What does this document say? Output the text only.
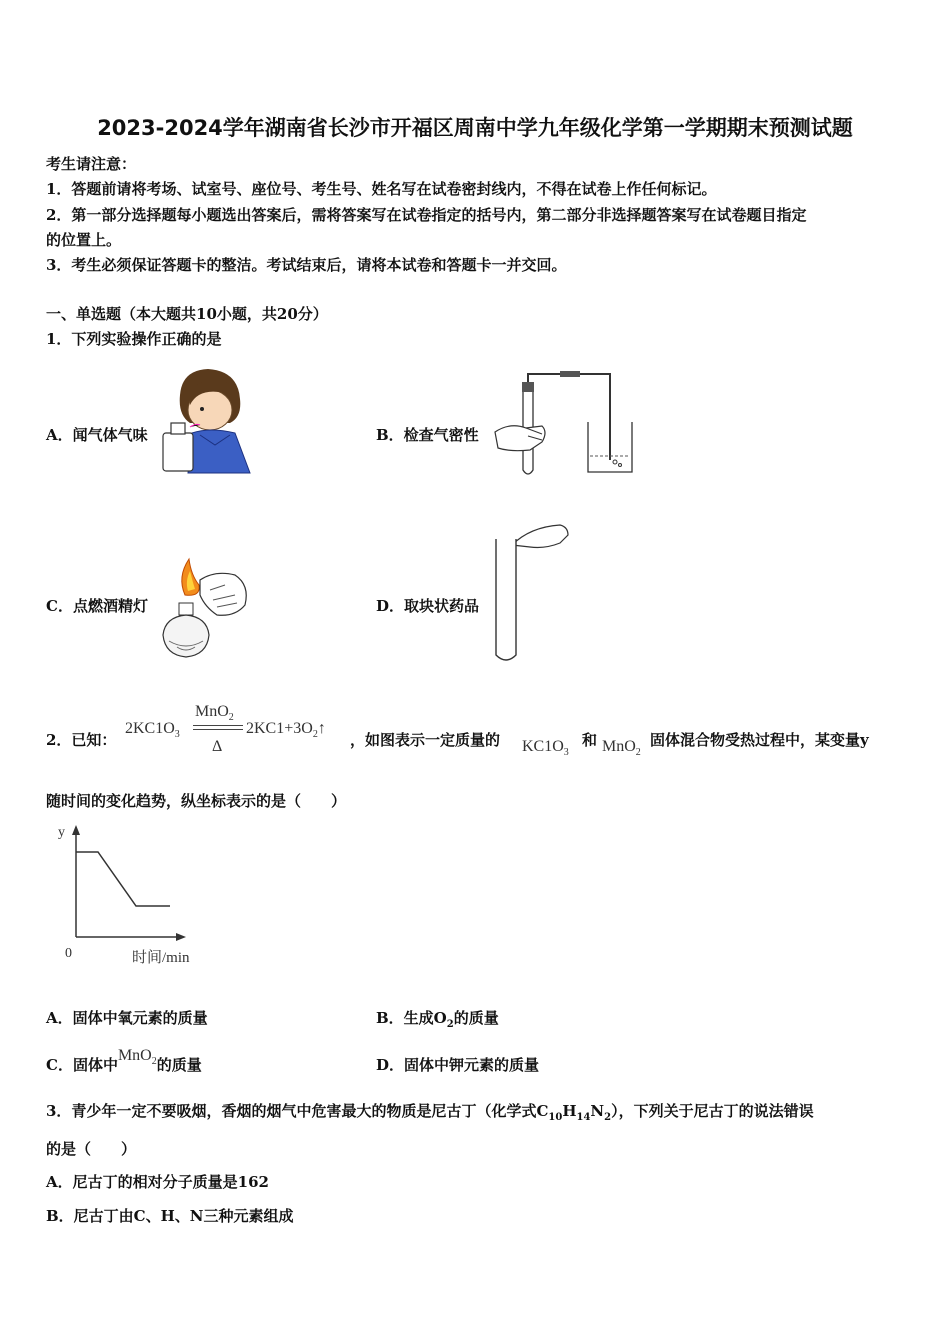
2023-2024学年湖南省长沙市开福区周南中学九年级化学第一学期期末预测试题
考生请注意：
1．答题前请将考场、试室号、座位号、考生号、姓名写在试卷密封线内，不得在试卷上作任何标记。
2．第一部分选择题每小题选出答案后，需将答案写在试卷指定的括号内，第二部分非选择题答案写在试卷题目指定
的位置上。
3．考生必须保证答题卡的整洁。考试结束后，请将本试卷和答题卡一并交回。
一、单选题（本大题共10小题，共20分）
1．下列实验操作正确的是
A．闻气体气味	B．检查气密性
C．点燃酒精灯	D．取块状药品
2．已知：
$2KC1O_3$
MnO$_2$
Δ
$2KC1+3O_2↑$
，如图表示一定质量的 $KC1O_3$
和 MnO$_2$
固体混合物受热过程中，某变量y
随时间的变化趋势，纵坐标表示的是（　　）
y
0	时间/min
A．固体中氧元素的质量	B．生成$O_2$的质量
C．固体中MnO$_2$的质量	D．固体中钾元素的质量
3．青少年一定不要吸烟，香烟的烟气中危害最大的物质是尼古丁（化学式$C_{10}H_{14}N_2$），下列关于尼古丁的说法错误
的是（　　）
A．尼古丁的相对分子质量是162
B．尼古丁由C、H、N三种元素组成
